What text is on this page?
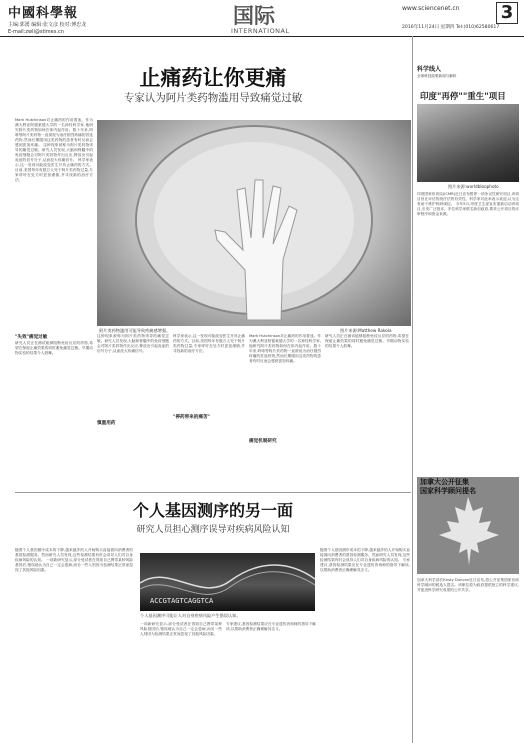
中國科學報
主编:郭湧 编辑:张文彦 校对:傅忠龙
E-mail:zwli@stimes.cn
国际
INTERNATIONAL
www.sciencenet.cn 3
2016年11月24日 星期四 Tel:(010)62580617
止痛药让你更痛
专家认为阿片类药物滥用导致痛觉过敏
Mark Hutchinson对止痛药的作用着迷。作为澳大利亚阿德莱德大学的一名神经科学家,他研究阿片类药物如何在体内起作用。数十年来,吗啡等阿片类药物一直被视为治疗剧烈疼痛的首选药物,然而长期服用这类药物的患者有时反而会感到更加疼痛。 这种现象被称为阿片类药物诱导的痛觉过敏。研究人员发现,大脑和脊髓中的免疫细胞会对阿片类药物作出反应,释放出引起炎症的信号分子,从而放大疼痛信号。 科学家表示,这一发现可能改变医生开具止痛药的方式。目前,美国每年有数万人死于阿片类药物过量,专家呼吁在处方时更加谨慎,并寻找新的治疗方法。
阿片类药物滥用可能导致疼痛感增强。	图片来源:Matthew Rakola
"失效"痛觉过敏
研究人员正在测试能够阻断免疫反应的药物,希望在保留止痛效果的同时避免痛觉过敏。早期动物实验的结果令人鼓舞。
这种现象被称为阿片类药物诱导的痛觉过敏。研究人员发现,大脑和脊髓中的免疫细胞会对阿片类药物作出反应,释放出引起炎症的信号分子,从而放大疼痛信号。
慎重用药
科学家表示,这一发现可能改变医生开具止痛药的方式。目前,美国每年有数万人死于阿片类药物过量,专家呼吁在处方时更加谨慎,并寻找新的治疗方法。
"停药带来的痛苦"
Mark Hutchinson对止痛药的作用着迷。作为澳大利亚阿德莱德大学的一名神经科学家,他研究阿片类药物如何在体内起作用。数十年来,吗啡等阿片类药物一直被视为治疗剧烈疼痛的首选药物,然而长期服用这类药物的患者有时反而会感到更加疼痛。
痛觉机制研究
研究人员正在测试能够阻断免疫反应的药物,希望在保留止痛效果的同时避免痛觉过敏。早期动物实验的结果令人鼓舞。
个人基因测序的另一面
研究人员担心测序误导对疾病风险认知
随着个人基因测序成本的下降,越来越多的人开始购买直接面向消费者的基因检测服务。然而研究人员发现,这些检测结果有时会误导人们对自身疾病风险的认知。 一项新研究显示,部分受试者在得知自己携带某种风险基因后,错误地认为自己一定会患病,而另一些人则因为检测结果正常而忽视了其他风险因素。
ACCGTAGTCAGGTCA
个人基因测序可能让人对自身疾病风险产生错误认知。
一项新研究显示,部分受试者在得知自己携带某种风险基因后,错误地认为自己一定会患病,而另一些人则因为检测结果正常而忽视了其他风险因素。
专家建议,基因检测结果应在专业遗传咨询师的指导下解读,以帮助消费者正确理解其含义。
随着个人基因测序成本的下降,越来越多的人开始购买直接面向消费者的基因检测服务。然而研究人员发现,这些检测结果有时会误导人们对自身疾病风险的认知。 专家建议,基因检测结果应在专业遗传咨询师的指导下解读,以帮助消费者正确理解其含义。
科学线人
全球科技政策新闻与解析
印度"再停""重生"项目
图片来源:worldbloophoto
印度国家体育局(ICMR)近日宣布暂停一项争议性研究项目,该项目旨在评估传统疗法的有效性。科学家对此举表示欢迎,认为这有助于维护科研诚信。 今年5月,印度卫生部宣布重新启动该项目,引发广泛批评。多位科学家联名致信政府,要求公开项目的评审程序和资金来源。
加拿大公开征集
国家科学顾问提名
加拿大科学部长Kirsty Duncan近日宣布,将公开征集国家首席科学顾问的候选人提名。该职位将为政府提供独立的科学建议,并促进科学研究成果的公开共享。
